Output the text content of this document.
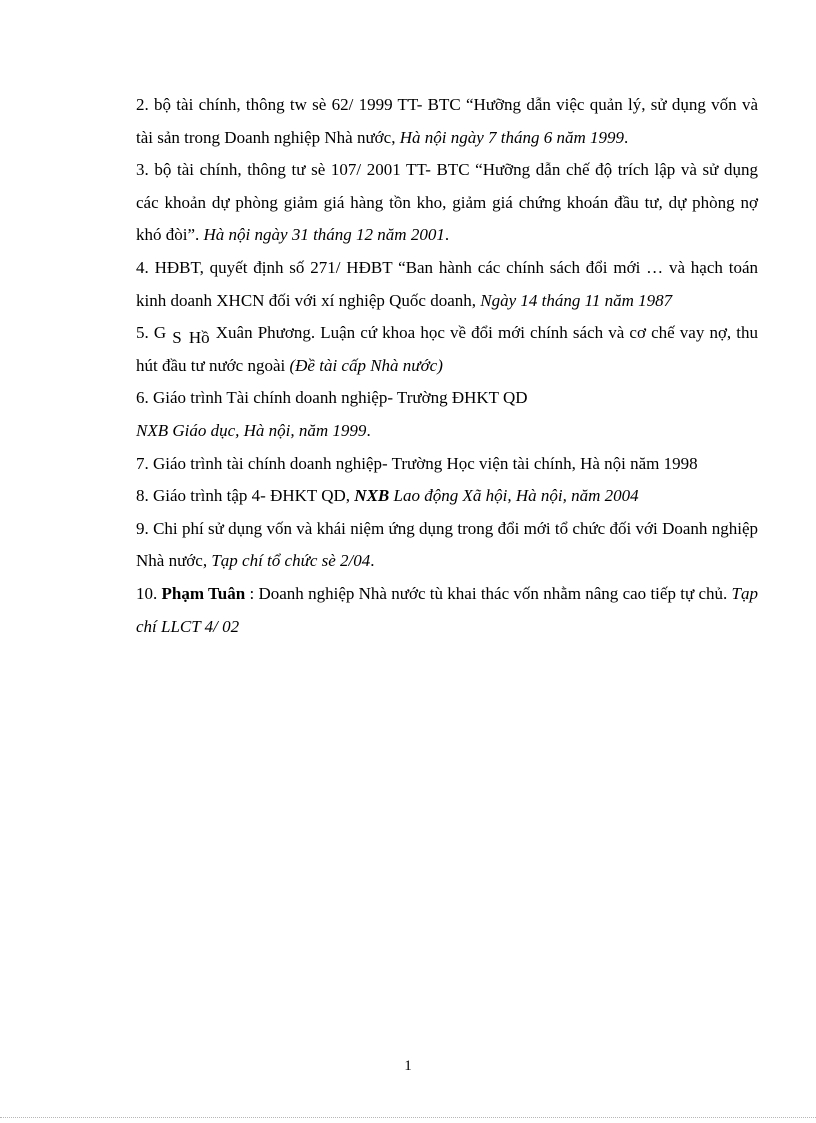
2. bộ tài chính, thông tw sè 62/ 1999 TT- BTC “Hưỡng dẫn việc quản lý, sử dụng vốn và tài sản trong Doanh nghiệp Nhà nước, Hà nội ngày 7 tháng 6 năm 1999.

3. bộ tài chính, thông tư sè 107/ 2001 TT- BTC “Hưỡng dẫn chế độ trích lập và sử dụng các khoản dự phòng giảm giá hàng tồn kho, giảm giá chứng khoán đầu tư, dự phòng nợ khó đòi”. Hà nội ngày 31 tháng 12 năm 2001.

4. HĐBT, quyết định số 271/ HĐBT “Ban hành các chính sách đổi mới … và hạch toán kinh doanh XHCN đối với xí nghiệp Quốc doanh, Ngày 14 tháng 11 năm 1987

5. G S Hồ Xuân Phương. Luận cứ khoa học về đổi mới chính sách và cơ chế vay nợ, thu hút đầu tư nước ngoài (Đề tài cấp Nhà nước)

6. Giáo trình Tài chính doanh nghiệp- Trường ĐHKT QD
NXB Giáo dục, Hà nội, năm 1999.

7. Giáo trình tài chính doanh nghiệp- Trường Học viện tài chính, Hà nội năm 1998

8. Giáo trình tập 4- ĐHKT QD, NXB Lao động Xã hội, Hà nội, năm 2004

9. Chi phí sử dụng vốn và khái niệm ứng dụng trong đổi mới tổ chức đối với Doanh nghiệp Nhà nước, Tạp chí tổ chức sè 2/04.

10. Phạm Tuân : Doanh nghiệp Nhà nước tù khai thác vốn nhằm nâng cao tiếp tự chủ. Tạp chí LLCT 4/ 02

1
